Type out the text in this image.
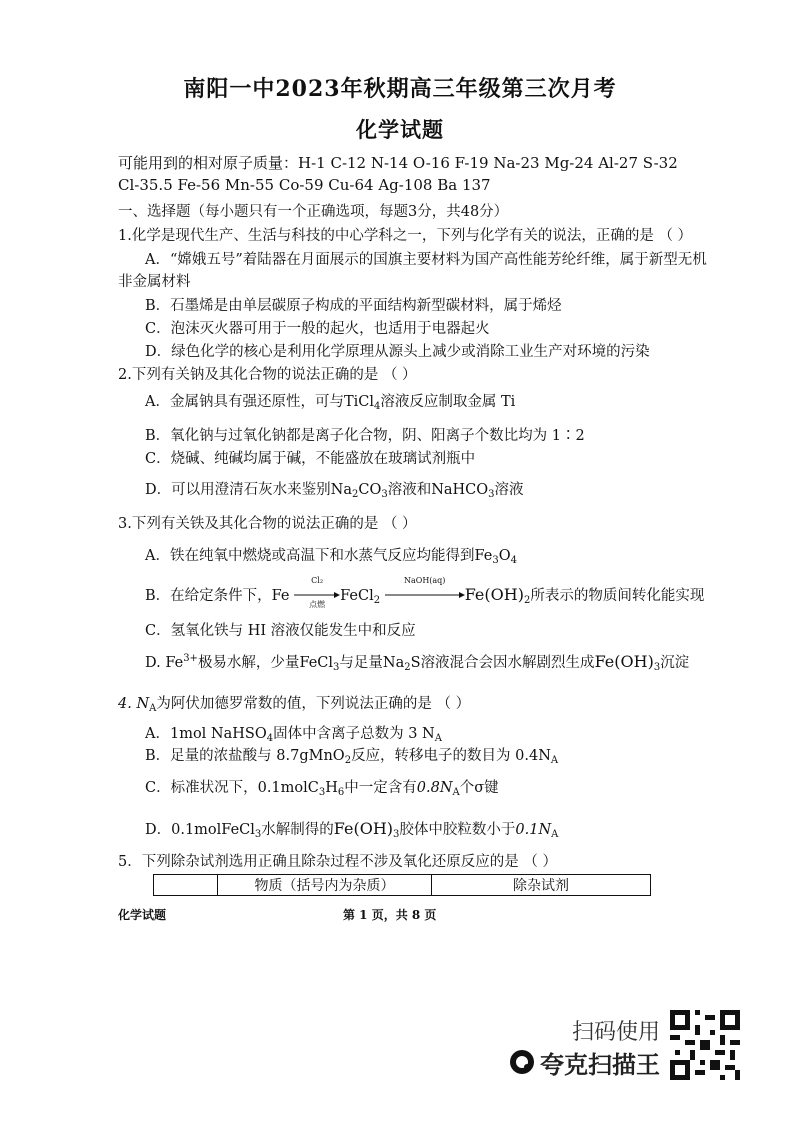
南阳一中2023年秋期高三年级第三次月考
化学试题
可能用到的相对原子质量：H-1 C-12 N-14 O-16 F-19 Na-23 Mg-24 Al-27 S-32
Cl-35.5 Fe-56 Mn-55 Co-59 Cu-64 Ag-108 Ba 137
一、选择题（每小题只有一个正确选项，每题3分，共48分）
1.化学是现代生产、生活与科技的中心学科之一，下列与化学有关的说法，正确的是 （ ）
A．“嫦娥五号”着陆器在月面展示的国旗主要材料为国产高性能芳纶纤维，属于新型无机
非金属材料
B．石墨烯是由单层碳原子构成的平面结构新型碳材料，属于烯烃
C．泡沫灭火器可用于一般的起火，也适用于电器起火
D．绿色化学的核心是利用化学原理从源头上减少或消除工业生产对环境的污染
2.下列有关钠及其化合物的说法正确的是 （ ）
A．金属钠具有强还原性，可与TiCl$_4$溶液反应制取金属 Ti
B．氧化钠与过氧化钠都是离子化合物，阴、阳离子个数比均为 1∶2
C．烧碱、纯碱均属于碱，不能盛放在玻璃试剂瓶中
D．可以用澄清石灰水来鉴别$Na_2CO_3$溶液和NaHCO$_3$溶液
3.下列有关铁及其化合物的说法正确的是 （ ）
A．铁在纯氧中燃烧或高温下和水蒸气反应均能得到$Fe_3O_4$
B．在给定条件下，Fe
Cl₂
点燃
FeCl$_2$
NaOH(aq)
$Fe(OH)_2$所表示的物质间转化能实现
C．氢氧化铁与 HI 溶液仅能发生中和反应
D. $Fe^{3+}$极易水解，少量FeCl$_3$与足量$Na_2S$溶液混合会因水解剧烈生成$Fe(OH)_3$沉淀
4. $N_A$为阿伏加德罗常数的值，下列说法正确的是 （ ）
A．1mol NaHSO$_4$固体中含离子总数为 3 $N_A$
B．足量的浓盐酸与 8.7gMnO$_2$反应，转移电子的数目为 $0.4N_A$
C．标准状况下，$0.1molC_3H_6$中一定含有$0.8N_A$个σ键
D．0.1molFeCl$_3$水解制得的$Fe(OH)_3$胶体中胶粒数小于$0.1N_A$
5．下列除杂试剂选用正确且除杂过程不涉及氧化还原反应的是 （ ）
	物质（括号内为杂质）	除杂试剂
化学试题	第 1 页，共 8 页
扫码使用
夸克扫描王
